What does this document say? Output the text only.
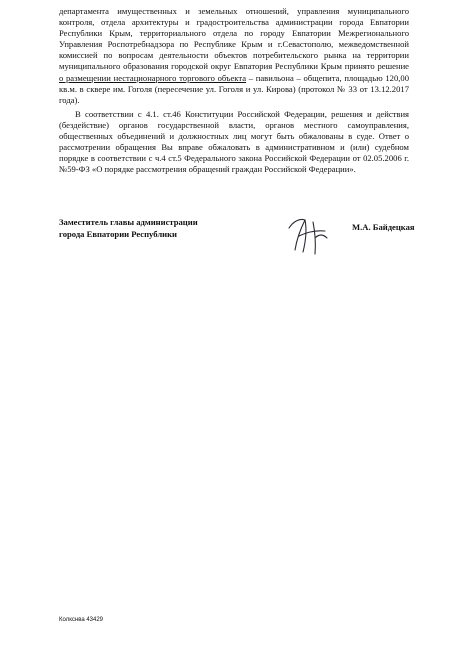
департамента имущественных и земельных отношений, управления муниципального контроля, отдела архитектуры и градостроительства администрации города Евпатории Республики Крым, территориального отдела по городу Евпатории Межрегионального Управления Роспотребнадзора по Республике Крым и г.Севастополю, межведомственной комиссией по вопросам деятельности объектов потребительского рынка на территории муниципального образования городской округ Евпатория Республики Крым принято решение о размещении нестационарного торгового объекта – павильона – общепита, площадью 120,00 кв.м. в сквере им. Гоголя (пересечение ул. Гоголя и ул. Кирова) (протокол № 33 от 13.12.2017 года).

В соответствии с 4.1. ст.46 Конституции Российской Федерации, решения и действия (бездействие) органов государственной власти, органов местного самоуправления, общественных объединений и должностных лиц могут быть обжалованы в суде. Ответ о рассмотрении обращения Вы вправе обжаловать в административном и (или) судебном порядке в соответствии с ч.4 ст.5 Федерального закона Российской Федерации от 02.05.2006 г. №59-ФЗ «О порядке рассмотрения обращений граждан Российской Федерации».

Заместитель главы администрации
города Евпатории Республики
М.А. Байдецкая
Колкснва 43429
